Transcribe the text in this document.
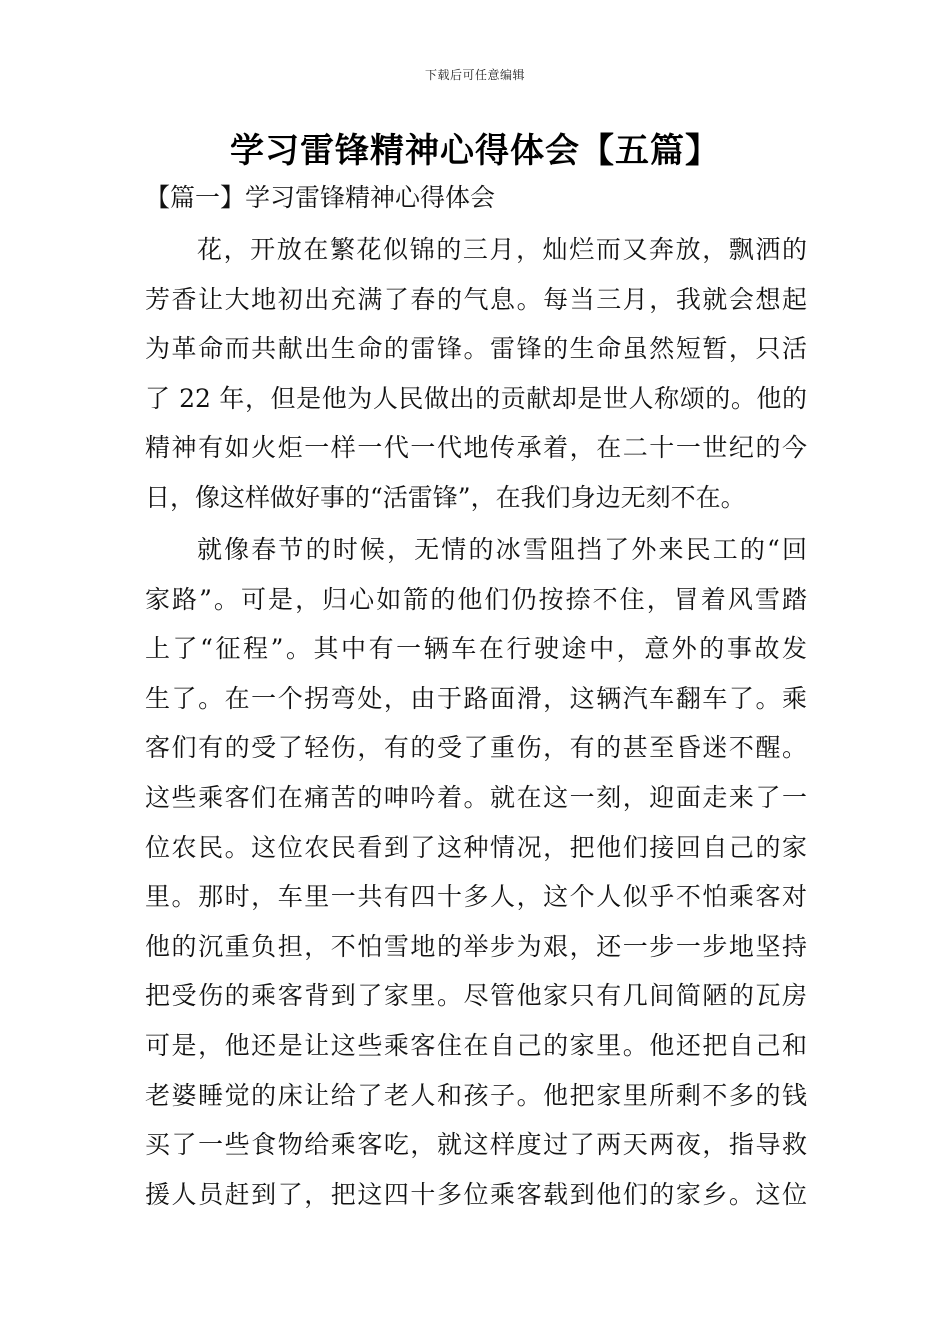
下载后可任意编辑
学习雷锋精神心得体会【五篇】
【篇一】学习雷锋精神心得体会
花，开放在繁花似锦的三月，灿烂而又奔放，飘洒的
芳香让大地初出充满了春的气息。每当三月，我就会想起
为革命而共献出生命的雷锋。雷锋的生命虽然短暂，只活
了 22 年，但是他为人民做出的贡献却是世人称颂的。他的
精神有如火炬一样一代一代地传承着，在二十一世纪的今
日，像这样做好事的“活雷锋”，在我们身边无刻不在。
就像春节的时候，无情的冰雪阻挡了外来民工的“回
家路”。可是，归心如箭的他们仍按捺不住，冒着风雪踏
上了“征程”。其中有一辆车在行驶途中，意外的事故发
生了。在一个拐弯处，由于路面滑，这辆汽车翻车了。乘
客们有的受了轻伤，有的受了重伤，有的甚至昏迷不醒。
这些乘客们在痛苦的呻吟着。就在这一刻，迎面走来了一
位农民。这位农民看到了这种情况，把他们接回自己的家
里。那时，车里一共有四十多人，这个人似乎不怕乘客对
他的沉重负担，不怕雪地的举步为艰，还一步一步地坚持
把受伤的乘客背到了家里。尽管他家只有几间简陋的瓦房
可是，他还是让这些乘客住在自己的家里。他还把自己和
老婆睡觉的床让给了老人和孩子。他把家里所剩不多的钱
买了一些食物给乘客吃，就这样度过了两天两夜，指导救
援人员赶到了，把这四十多位乘客载到他们的家乡。这位
